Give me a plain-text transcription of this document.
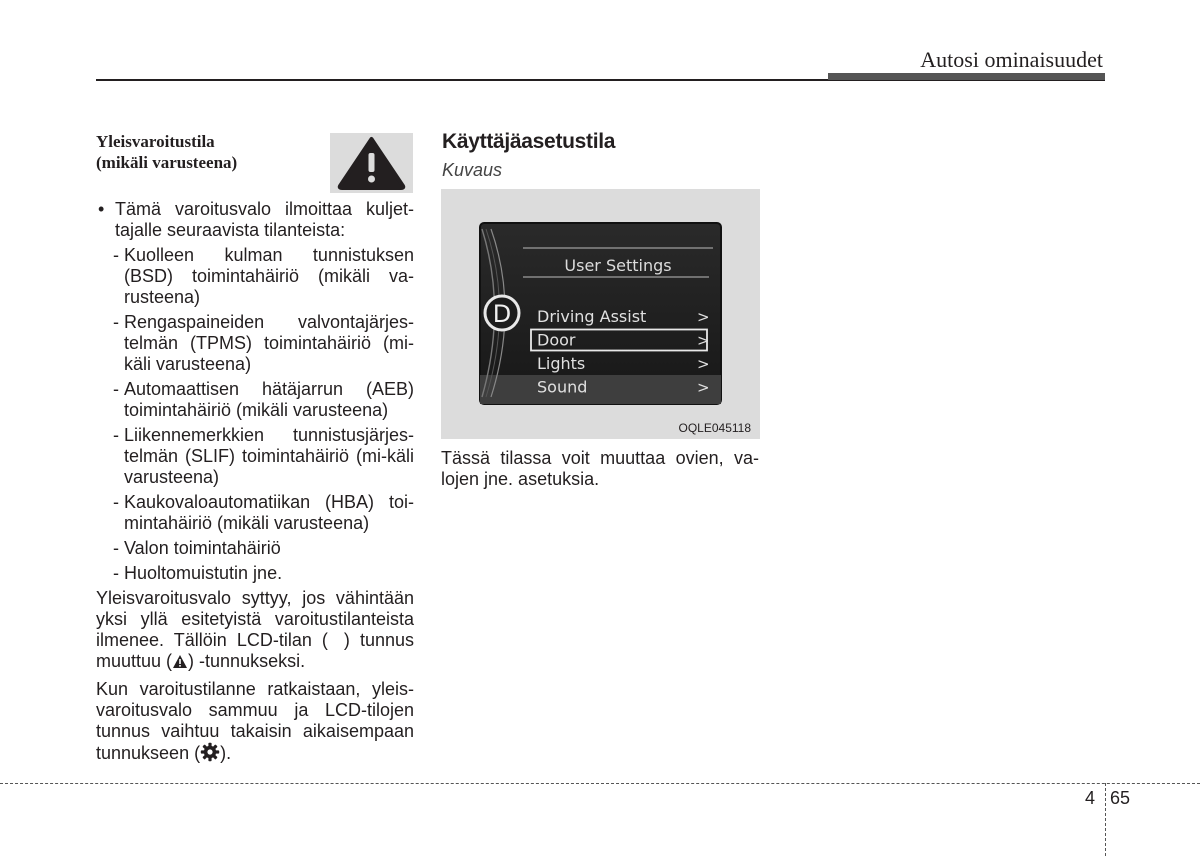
Autosi ominaisuudet
Yleisvaroitustila
(mikäli varusteena)
• Tämä varoitusvalo ilmoittaa kuljet-tajalle seuraavista tilanteista:
- Kuolleen kulman tunnistuksen (BSD) toimintahäiriö (mikäli va-rusteena)
- Rengaspaineiden valvontajärjes-telmän (TPMS) toimintahäiriö (mi-käli varusteena)
- Automaattisen hätäjarrun (AEB) toimintahäiriö (mikäli varusteena)
- Liikennemerkkien tunnistusjärjes-telmän (SLIF) toimintahäiriö (mi-käli varusteena)
- Kaukovaloautomatiikan (HBA) toi-mintahäiriö (mikäli varusteena)
- Valon toimintahäiriö
- Huoltomuistutin jne.

Yleisvaroitusvalo syttyy, jos vähintään yksi yllä esitetyistä varoitustilanteista ilmenee. Tällöin LCD-tilan ( ) tunnus muuttuu ( ) -tunnukseksi.

Kun varoitustilanne ratkaistaan, yleis-varoitusvalo sammuu ja LCD-tilojen tunnus vaihtuu takaisin aikaisempaan tunnukseen ( ).

Käyttäjäasetustila
Kuvaus
D
User Settings
Driving Assist	>
Door	>
Lights	>
Sound	>
OQLE045118
Tässä tilassa voit muuttaa ovien, va-lojen jne. asetuksia.
4 65
